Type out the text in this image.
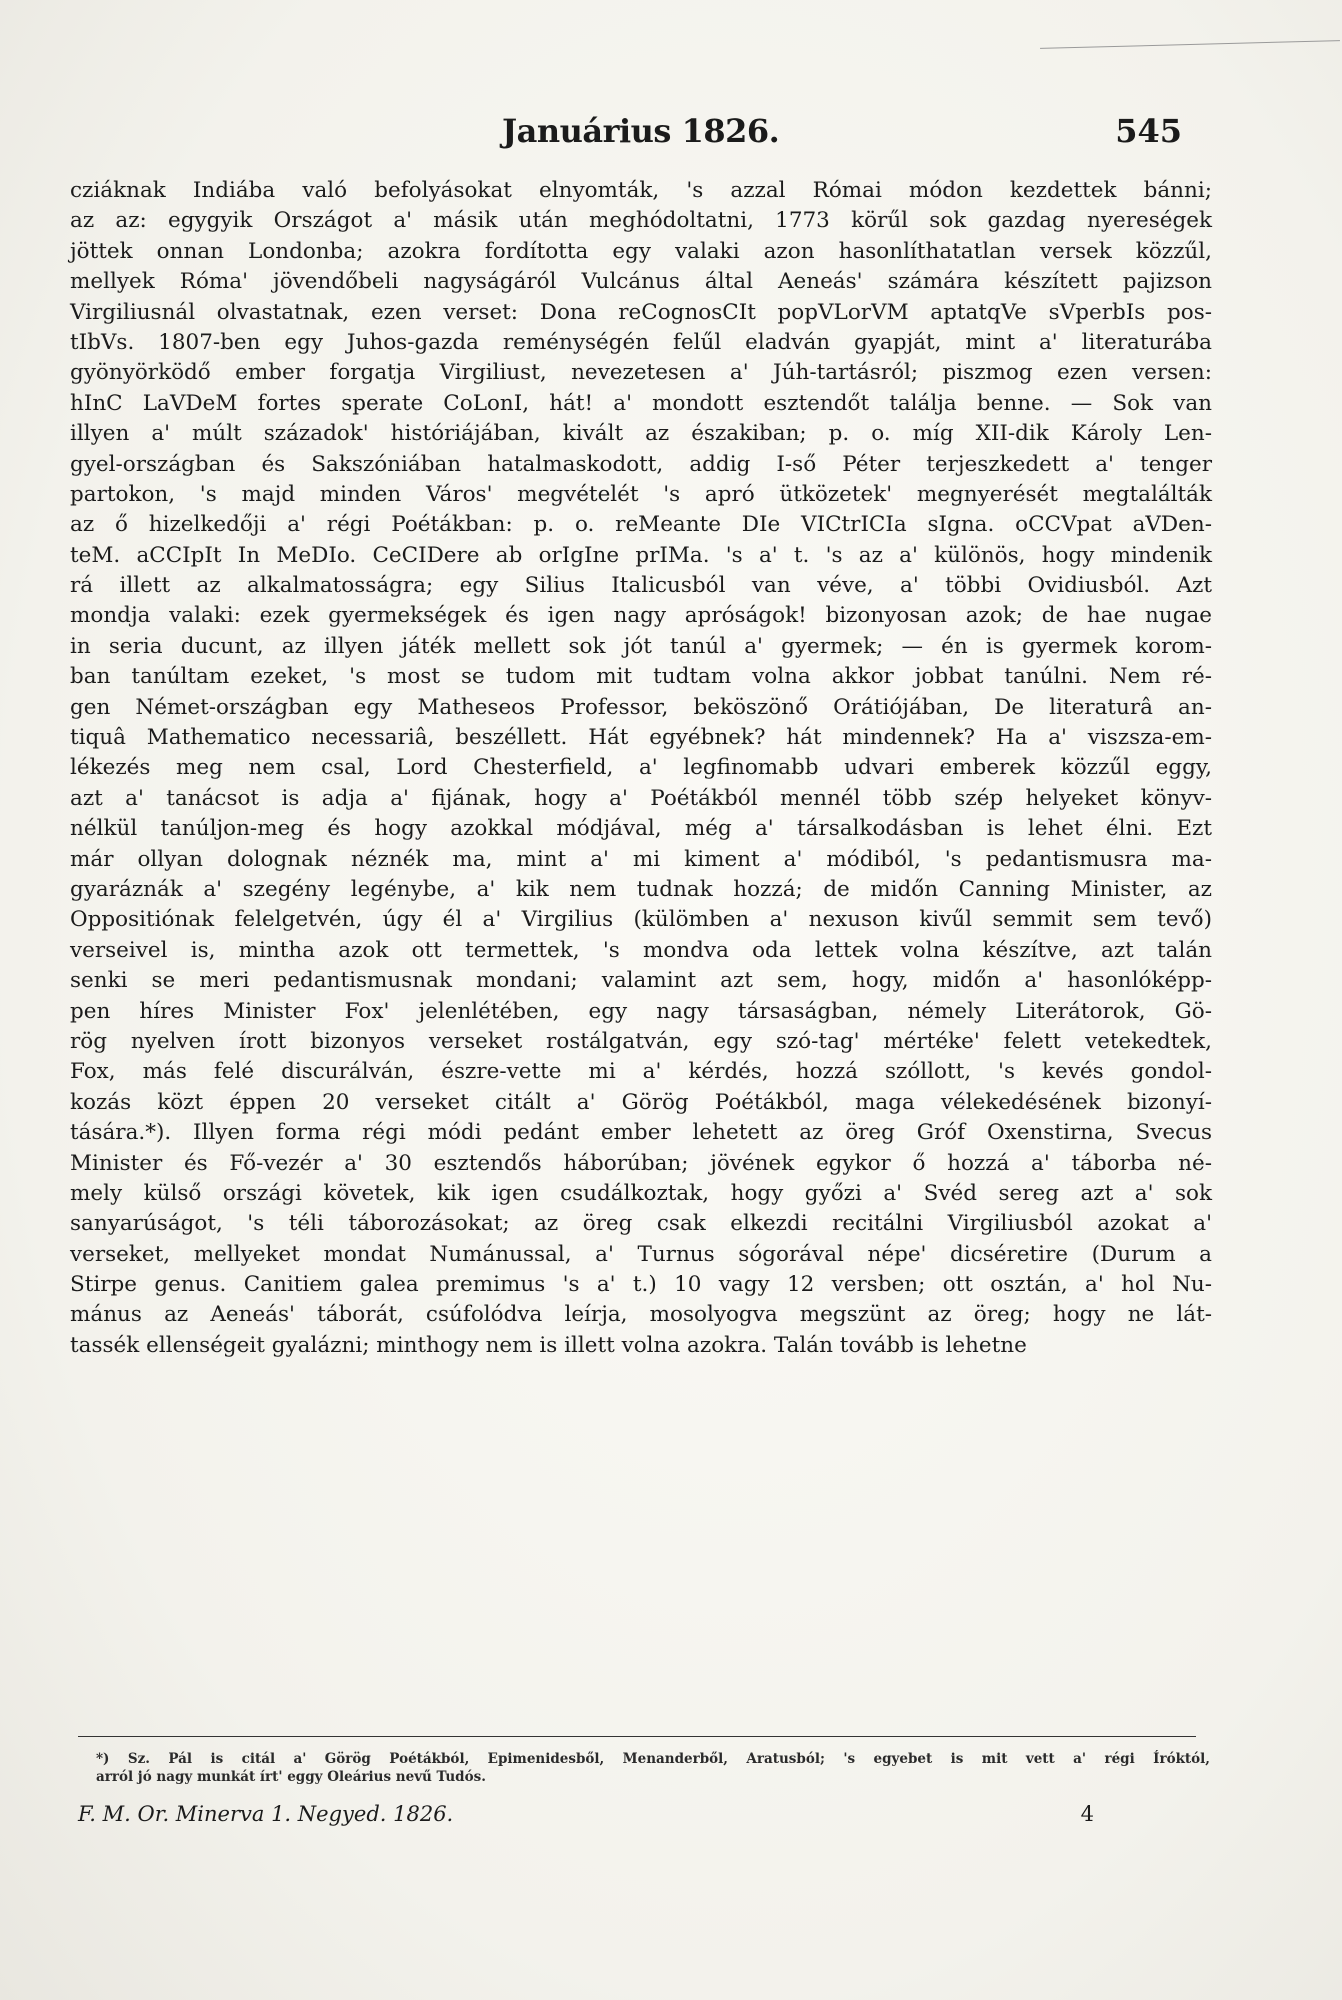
Januárius 1826.	545
cziáknak Indiába való befolyásokat elnyomták, 's azzal Római módon kezdettek bánni;
az az: egygyik Országot a' másik után meghódoltatni, 1773 körűl sok gazdag nyereségek
jöttek onnan Londonba; azokra fordította egy valaki azon hasonlíthatatlan versek közzűl,
mellyek Róma' jövendőbeli nagyságáról Vulcánus által Aeneás' számára készített pajizson
Virgiliusnál olvastatnak, ezen verset: Dona reCognosCIt popVLorVM aptatqVe sVperbIs pos-
tIbVs. 1807-ben egy Juhos-gazda reménységén felűl eladván gyapját, mint a' literaturába
gyönyörködő ember forgatja Virgiliust, nevezetesen a' Júh-tartásról; piszmog ezen versen:
hInC LaVDeM fortes sperate CoLonI, hát! a' mondott esztendőt találja benne. — Sok van
illyen a' múlt századok' históriájában, kivált az északiban; p. o. míg XII-dik Károly Len-
gyel-országban és Saksz​óniában hatalmaskodott, addig I-ső Péter terjeszkedett a' tenger
partokon, 's majd minden Város' megvételét 's apró ütközetek' megnyerését megtalálták
az ő hizelkedőji a' régi Poétákban: p. o. reMeante DIe VICtrICIa sIgna. oCCVpat aVDen-
teM. aCCIpIt In MeDIo. CeCIDere ab orIgIne prIMa. 's a' t. 's az a' különös, hogy mindenik
rá illett az alkalmatosságra; egy Silius Italicusból van véve, a' többi Ovidiusból. Azt
mondja valaki: ezek gyermekségek és igen nagy apróságok! bizonyosan azok; de hae nugae
in seria ducunt, az illyen játék mellett sok jót tanúl a' gyermek; — én is gyermek korom-
ban tanúltam ezeket, 's most se tudom mit tudtam volna akkor jobbat tanúlni. Nem ré-
gen Német-országban egy Matheseos Professor, beköszönő Orátiójában, De literaturâ an-
tiquâ Mathematico necessariâ, beszéllett. Hát egyébnek? hát mindennek? Ha a' viszsza-em-
lékezés meg nem csal, Lord Chesterfield, a' legfinomabb udvari emberek közzűl eggy,
azt a' tanácsot is adja a' fijának, hogy a' Poétákból mennél több szép helyeket könyv-
nélkül tanúljon-meg és hogy azokkal módjával, még a' társalkodásban is lehet élni. Ezt
már ollyan dolognak néznék ma, mint a' mi kiment a' módiból, 's pedantismusra ma-
gyaráznák a' szegény legénybe, a' kik nem tudnak hozzá; de midőn Canning Minister, az
Oppositiónak felelgetvén, úgy él a' Virgilius (külömben a' nexuson kivűl semmit sem tevő)
verseivel is, mintha azok ott termettek, 's mondva oda lettek volna készítve, azt talán
senki se meri pedantismusnak mondani; valamint azt sem, hogy, midőn a' hasonlóképp-
pen híres Minister Fox' jelenlétében, egy nagy társaságban, némely Literátorok, Gö-
rög nyelven írott bizonyos verseket rostálgatván, egy szó-tag' mértéke' felett vetekedtek,
Fox, más felé discurálván, észre-vette mi a' kérdés, hozzá szóllott, 's kevés gondol-
kozás közt éppen 20 verseket citált a' Görög Poétákból, maga vélekedésének bizonyí-
tására.*). Illyen forma régi módi pedánt ember lehetett az öreg Gróf Oxenstirna, Svecus
Minister és Fő-vezér a' 30 esztendős háborúban; jövének egykor ő hozzá a' táborba né-
mely külső országi követek, kik igen csudálkoztak, hogy győzi a' Svéd sereg azt a' sok
sanyarúságot, 's téli táborozásokat; az öreg csak elkezdi recitálni Virgiliusból azokat a'
verseket, mellyeket mondat Numánussal, a' Turnus sógorával népe' dicséretire (Durum a
Stirpe genus. Canitiem galea premimus 's a' t.) 10 vagy 12 versben; ott osztán, a' hol Nu-
mánus az Aeneás' táborát, csúfolódva leírja, mosolyogva megszünt az öreg; hogy ne lát-
tassék ellenségeit gyalázni; minthogy nem is illett volna azokra. Talán tovább is lehetne
*) Sz. Pál is citál a' Görög Poétákból, Epimenidesből, Menanderből, Aratusból; 's egyebet is mit vett a' régi Íróktól,
arról jó nagy munkát írt' eggy Oleárius nevű Tudós.
F. M. Or. Minerva 1. Negyed. 1826.	4
